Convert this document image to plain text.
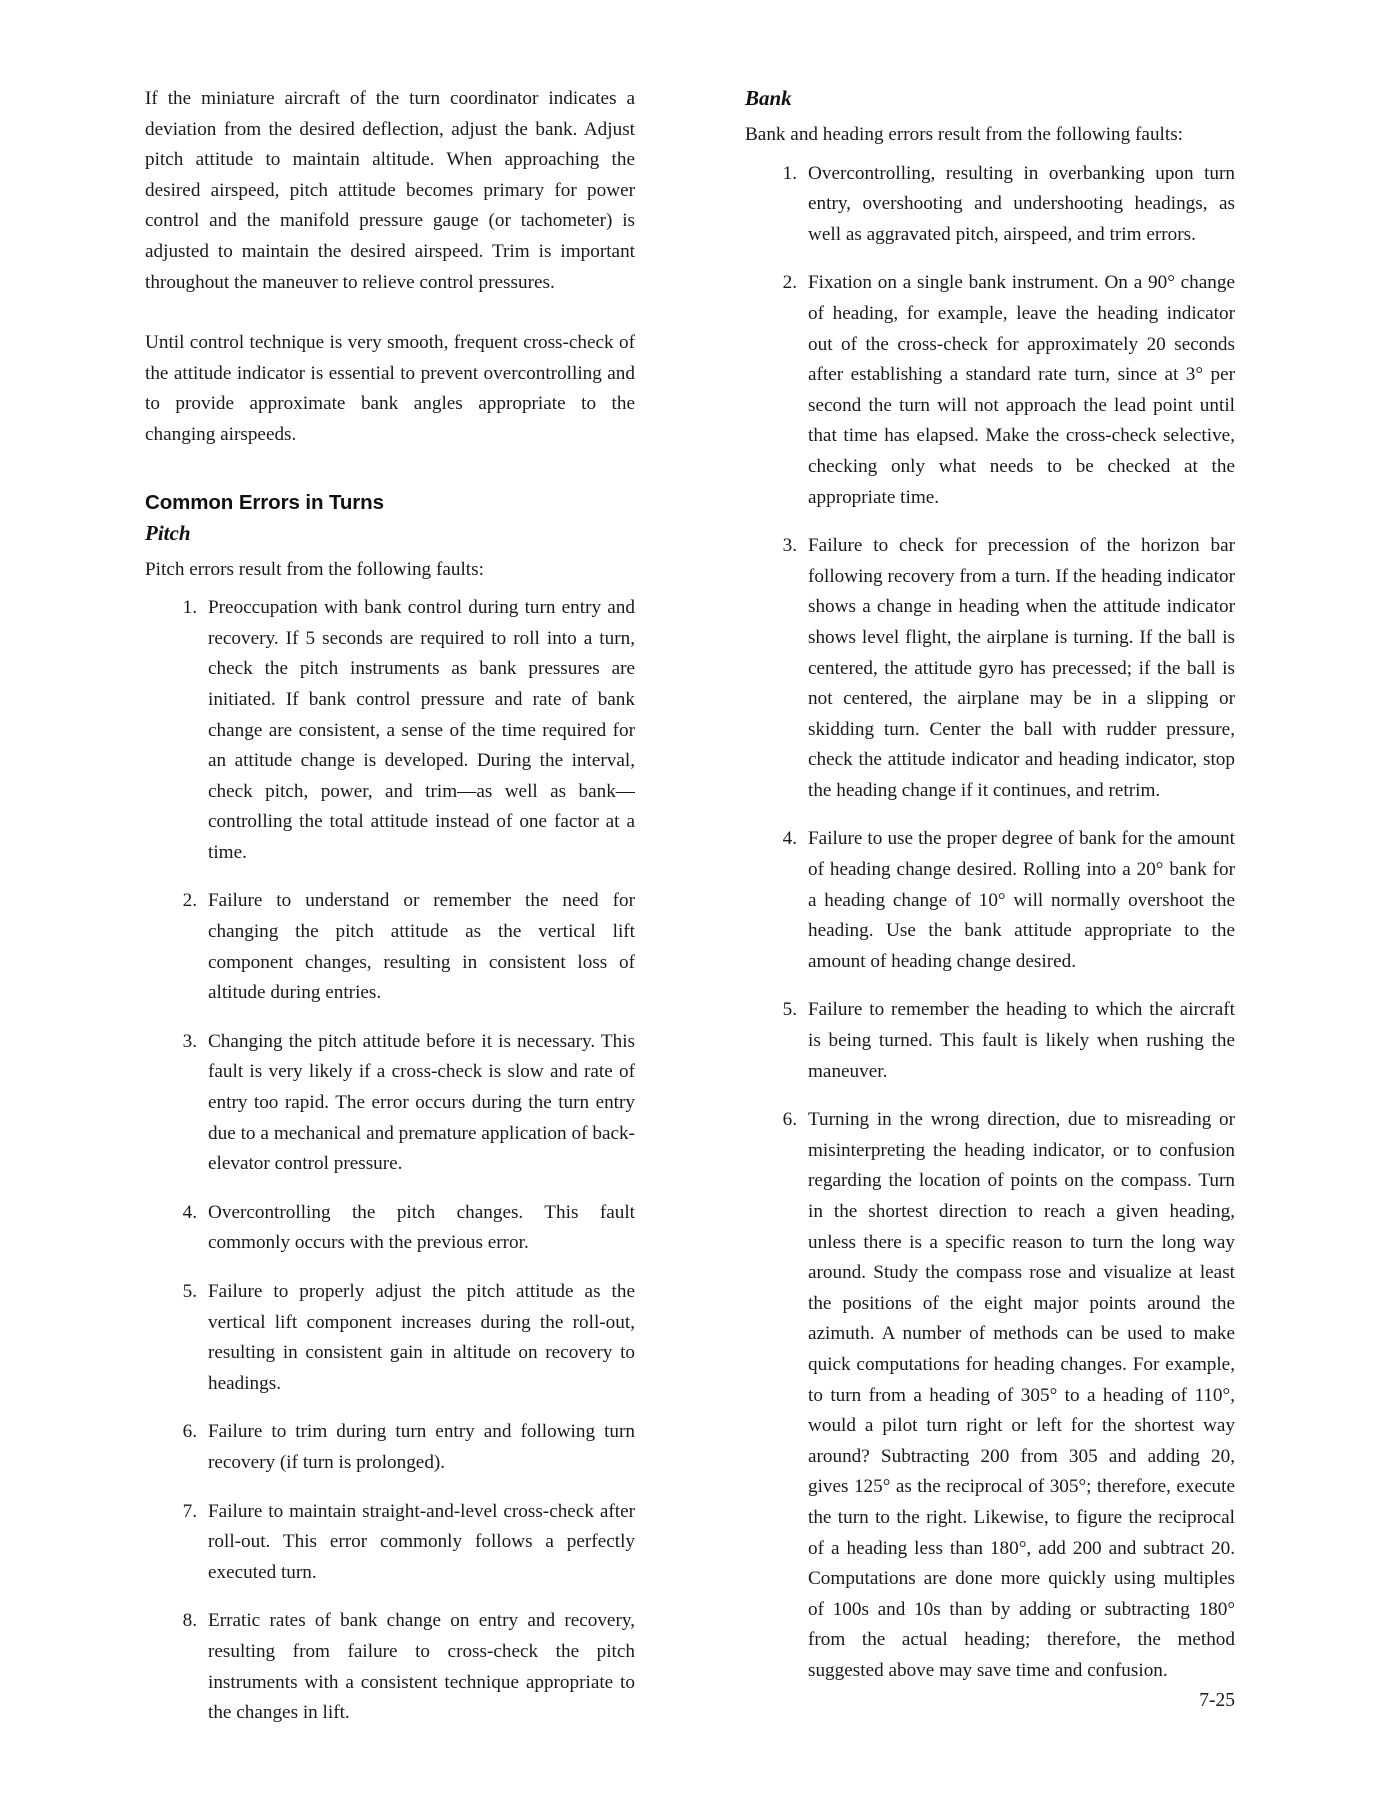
If the miniature aircraft of the turn coordinator indicates a deviation from the desired deflection, adjust the bank. Adjust pitch attitude to maintain altitude. When approaching the desired airspeed, pitch attitude becomes primary for power control and the manifold pressure gauge (or tachometer) is adjusted to maintain the desired airspeed. Trim is important throughout the maneuver to relieve control pressures.

Until control technique is very smooth, frequent cross-check of the attitude indicator is essential to prevent overcontrolling and to provide approximate bank angles appropriate to the changing airspeeds.

Common Errors in Turns
Pitch

Pitch errors result from the following faults:

1. Preoccupation with bank control during turn entry and recovery. If 5 seconds are required to roll into a turn, check the pitch instruments as bank pressures are initiated. If bank control pressure and rate of bank change are consistent, a sense of the time required for an attitude change is developed. During the interval, check pitch, power, and trim—as well as bank—controlling the total attitude instead of one factor at a time.
2. Failure to understand or remember the need for changing the pitch attitude as the vertical lift component changes, resulting in consistent loss of altitude during entries.
3. Changing the pitch attitude before it is necessary. This fault is very likely if a cross-check is slow and rate of entry too rapid. The error occurs during the turn entry due to a mechanical and premature application of back-elevator control pressure.
4. Overcontrolling the pitch changes. This fault commonly occurs with the previous error.
5. Failure to properly adjust the pitch attitude as the vertical lift component increases during the roll-out, resulting in consistent gain in altitude on recovery to headings.
6. Failure to trim during turn entry and following turn recovery (if turn is prolonged).
7. Failure to maintain straight-and-level cross-check after roll-out. This error commonly follows a perfectly executed turn.
8. Erratic rates of bank change on entry and recovery, resulting from failure to cross-check the pitch instruments with a consistent technique appropriate to the changes in lift.
Bank

Bank and heading errors result from the following faults:

1. Overcontrolling, resulting in overbanking upon turn entry, overshooting and undershooting headings, as well as aggravated pitch, airspeed, and trim errors.
2. Fixation on a single bank instrument. On a 90° change of heading, for example, leave the heading indicator out of the cross-check for approximately 20 seconds after establishing a standard rate turn, since at 3° per second the turn will not approach the lead point until that time has elapsed. Make the cross-check selective, checking only what needs to be checked at the appropriate time.
3. Failure to check for precession of the horizon bar following recovery from a turn. If the heading indicator shows a change in heading when the attitude indicator shows level flight, the airplane is turning. If the ball is centered, the attitude gyro has precessed; if the ball is not centered, the airplane may be in a slipping or skidding turn. Center the ball with rudder pressure, check the attitude indicator and heading indicator, stop the heading change if it continues, and retrim.
4. Failure to use the proper degree of bank for the amount of heading change desired. Rolling into a 20° bank for a heading change of 10° will normally overshoot the heading. Use the bank attitude appropriate to the amount of heading change desired.
5. Failure to remember the heading to which the aircraft is being turned. This fault is likely when rushing the maneuver.
6. Turning in the wrong direction, due to misreading or misinterpreting the heading indicator, or to confusion regarding the location of points on the compass. Turn in the shortest direction to reach a given heading, unless there is a specific reason to turn the long way around. Study the compass rose and visualize at least the positions of the eight major points around the azimuth. A number of methods can be used to make quick computations for heading changes. For example, to turn from a heading of 305° to a heading of 110°, would a pilot turn right or left for the shortest way around? Subtracting 200 from 305 and adding 20, gives 125° as the reciprocal of 305°; therefore, execute the turn to the right. Likewise, to figure the reciprocal of a heading less than 180°, add 200 and subtract 20. Computations are done more quickly using multiples of 100s and 10s than by adding or subtracting 180° from the actual heading; therefore, the method suggested above may save time and confusion.
7-25
